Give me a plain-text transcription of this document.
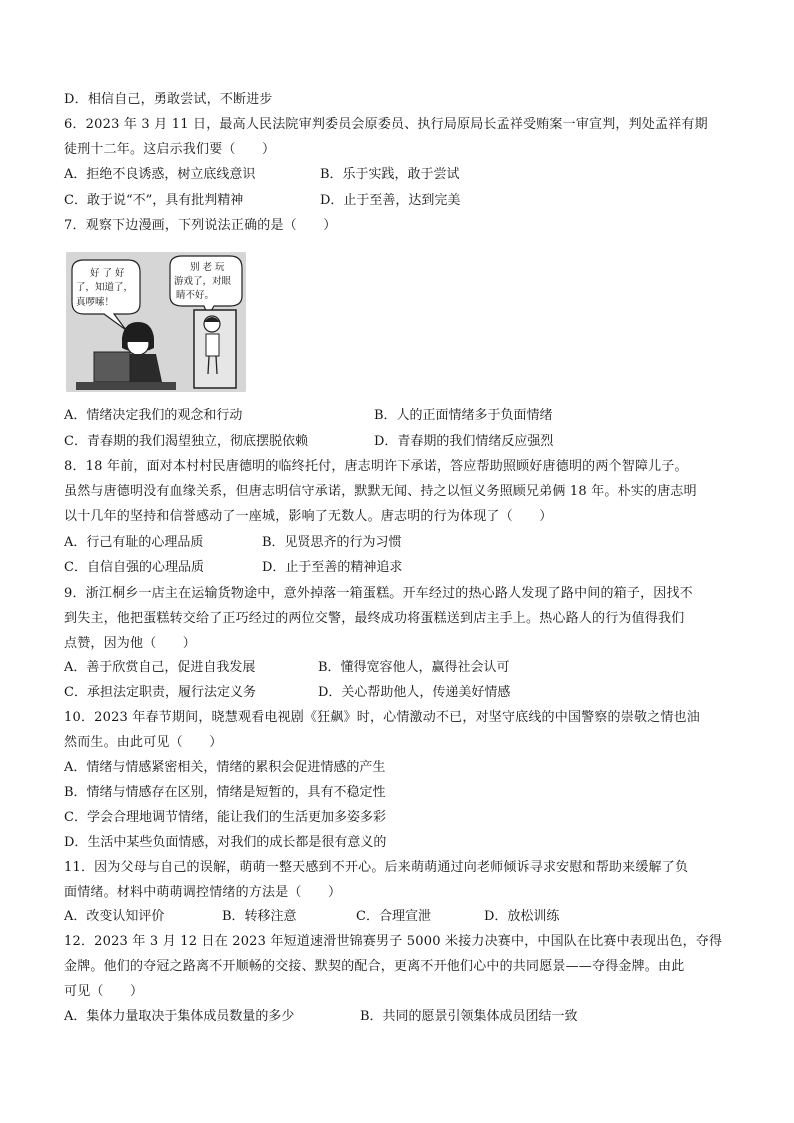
D．相信自己，勇敢尝试，不断进步
6．2023 年 3 月 11 日，最高人民法院审判委员会原委员、执行局原局长孟祥受贿案一审宣判，判处孟祥有期
徒刑十二年。这启示我们要（　　）
A．拒绝不良诱惑，树立底线意识	B．乐于实践，敢于尝试
C．敢于说“不”，具有批判精神	D．止于至善，达到完美
7．观察下边漫画，下列说法正确的是（　　）
好 了 好
了，知道了，
真啰嗦！
别 老 玩
游戏了，对眼
睛不好。
A．情绪决定我们的观念和行动	B．人的正面情绪多于负面情绪
C．青春期的我们渴望独立，彻底摆脱依赖	D．青春期的我们情绪反应强烈
8．18 年前，面对本村村民唐德明的临终托付，唐志明许下承诺，答应帮助照顾好唐德明的两个智障儿子。
虽然与唐德明没有血缘关系，但唐志明信守承诺，默默无闻、持之以恒义务照顾兄弟俩 18 年。朴实的唐志明
以十几年的坚持和信誉感动了一座城，影响了无数人。唐志明的行为体现了（　　）
A．行己有耻的心理品质	B．见贤思齐的行为习惯
C．自信自强的心理品质	D．止于至善的精神追求
9．浙江桐乡一店主在运输货物途中，意外掉落一箱蛋糕。开车经过的热心路人发现了路中间的箱子，因找不
到失主，他把蛋糕转交给了正巧经过的两位交警，最终成功将蛋糕送到店主手上。热心路人的行为值得我们
点赞，因为他（　　）
A．善于欣赏自己，促进自我发展	B．懂得宽容他人，赢得社会认可
C．承担法定职责，履行法定义务	D．关心帮助他人，传递美好情感
10．2023 年春节期间，晓慧观看电视剧《狂飙》时，心情激动不已，对坚守底线的中国警察的崇敬之情也油
然而生。由此可见（　　）
A．情绪与情感紧密相关，情绪的累积会促进情感的产生
B．情绪与情感存在区别，情绪是短暂的，具有不稳定性
C．学会合理地调节情绪，能让我们的生活更加多姿多彩
D．生活中某些负面情感，对我们的成长都是很有意义的
11．因为父母与自己的误解，萌萌一整天感到不开心。后来萌萌通过向老师倾诉寻求安慰和帮助来缓解了负
面情绪。材料中萌萌调控情绪的方法是（　　）
A．改变认知评价	B．转移注意	C．合理宣泄	D．放松训练
12．2023 年 3 月 12 日在 2023 年短道速滑世锦赛男子 5000 米接力决赛中，中国队在比赛中表现出色，夺得
金牌。他们的夺冠之路离不开顺畅的交接、默契的配合，更离不开他们心中的共同愿景——夺得金牌。由此
可见（　　）
A．集体力量取决于集体成员数量的多少	B．共同的愿景引领集体成员团结一致
